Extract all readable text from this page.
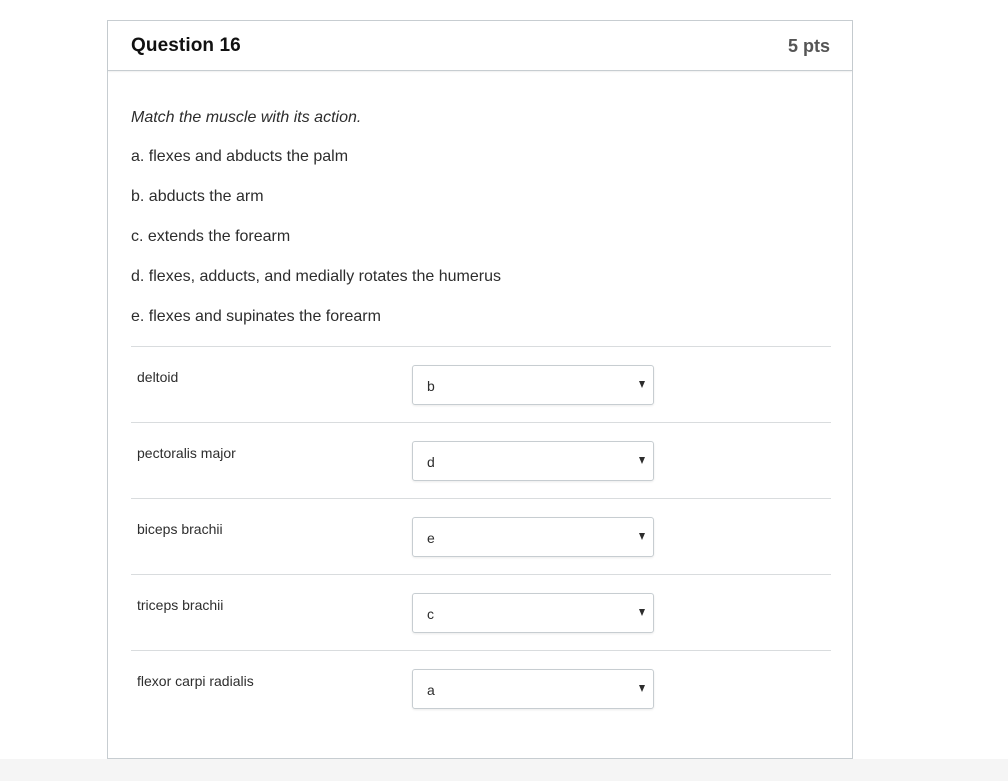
Question 16	5 pts
Match the muscle with its action.
a. flexes and abducts the palm
b. abducts the arm
c. extends the forearm
d. flexes, adducts, and medially rotates the humerus
e. flexes and supinates the forearm
deltoid
b
pectoralis major
d
biceps brachii
e
triceps brachii
c
flexor carpi radialis
a
